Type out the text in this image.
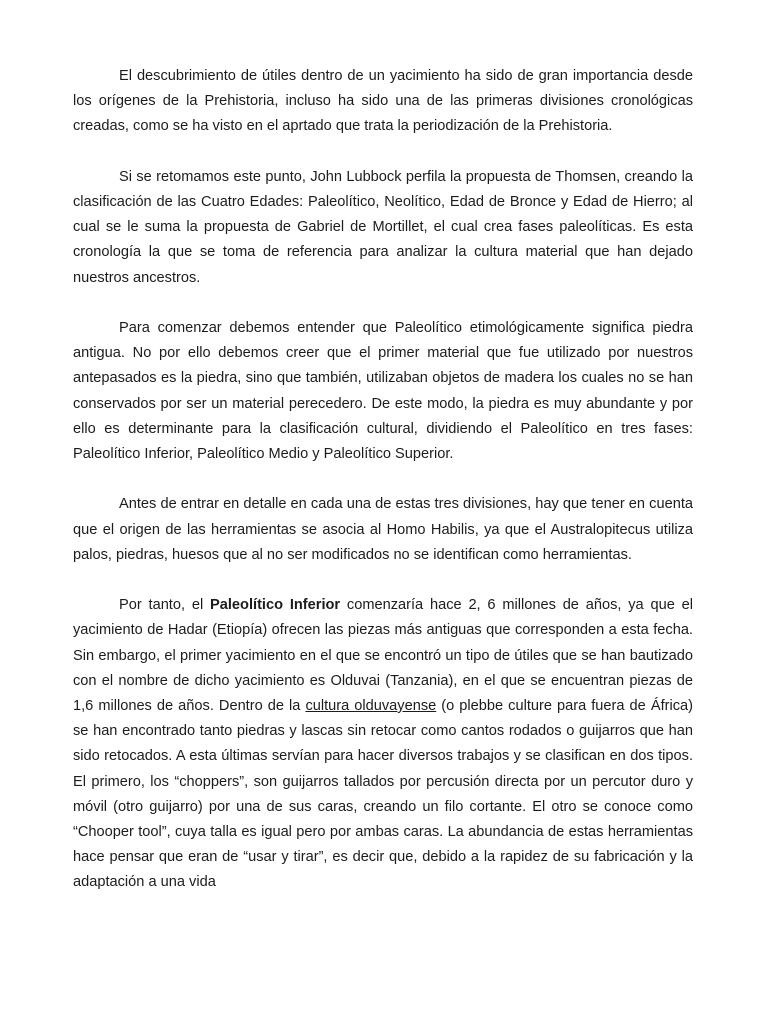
El descubrimiento de útiles dentro de un yacimiento ha sido de gran importancia desde los orígenes de la Prehistoria, incluso ha sido una de las primeras divisiones cronológicas creadas, como se ha visto en el aprtado que trata la periodización de la Prehistoria.

Si se retomamos este punto, John Lubbock perfila la propuesta de Thomsen, creando la clasificación de las Cuatro Edades: Paleolítico, Neolítico, Edad de Bronce y Edad de Hierro; al cual se le suma la propuesta de Gabriel de Mortillet, el cual crea fases paleolíticas. Es esta cronología la que se toma de referencia para analizar la cultura material que han dejado nuestros ancestros.

Para comenzar debemos entender que Paleolítico etimológicamente significa piedra antigua. No por ello debemos creer que el primer material que fue utilizado por nuestros antepasados es la piedra, sino que también, utilizaban objetos de madera los cuales no se han conservados por ser un material perecedero. De este modo, la piedra es muy abundante y por ello es determinante para la clasificación cultural, dividiendo el Paleolítico en tres fases: Paleolítico Inferior, Paleolítico Medio y Paleolítico Superior.

Antes de entrar en detalle en cada una de estas tres divisiones, hay que tener en cuenta que el origen de las herramientas se asocia al Homo Habilis, ya que el Australopitecus utiliza palos, piedras, huesos que al no ser modificados no se identifican como herramientas.

Por tanto, el Paleolítico Inferior comenzaría hace 2, 6 millones de años, ya que el yacimiento de Hadar (Etiopía) ofrecen las piezas más antiguas que corresponden a esta fecha. Sin embargo, el primer yacimiento en el que se encontró un tipo de útiles que se han bautizado con el nombre de dicho yacimiento es Olduvai (Tanzania), en el que se encuentran piezas de 1,6 millones de años. Dentro de la cultura olduvayense (o plebbe culture para fuera de África) se han encontrado tanto piedras y lascas sin retocar como cantos rodados o guijarros que han sido retocados. A esta últimas servían para hacer diversos trabajos y se clasifican en dos tipos. El primero, los “choppers”, son guijarros tallados por percusión directa por un percutor duro y móvil (otro guijarro) por una de sus caras, creando un filo cortante. El otro se conoce como “Chooper tool”, cuya talla es igual pero por ambas caras. La abundancia de estas herramientas hace pensar que eran de “usar y tirar”, es decir que, debido a la rapidez de su fabricación y la adaptación a una vida
